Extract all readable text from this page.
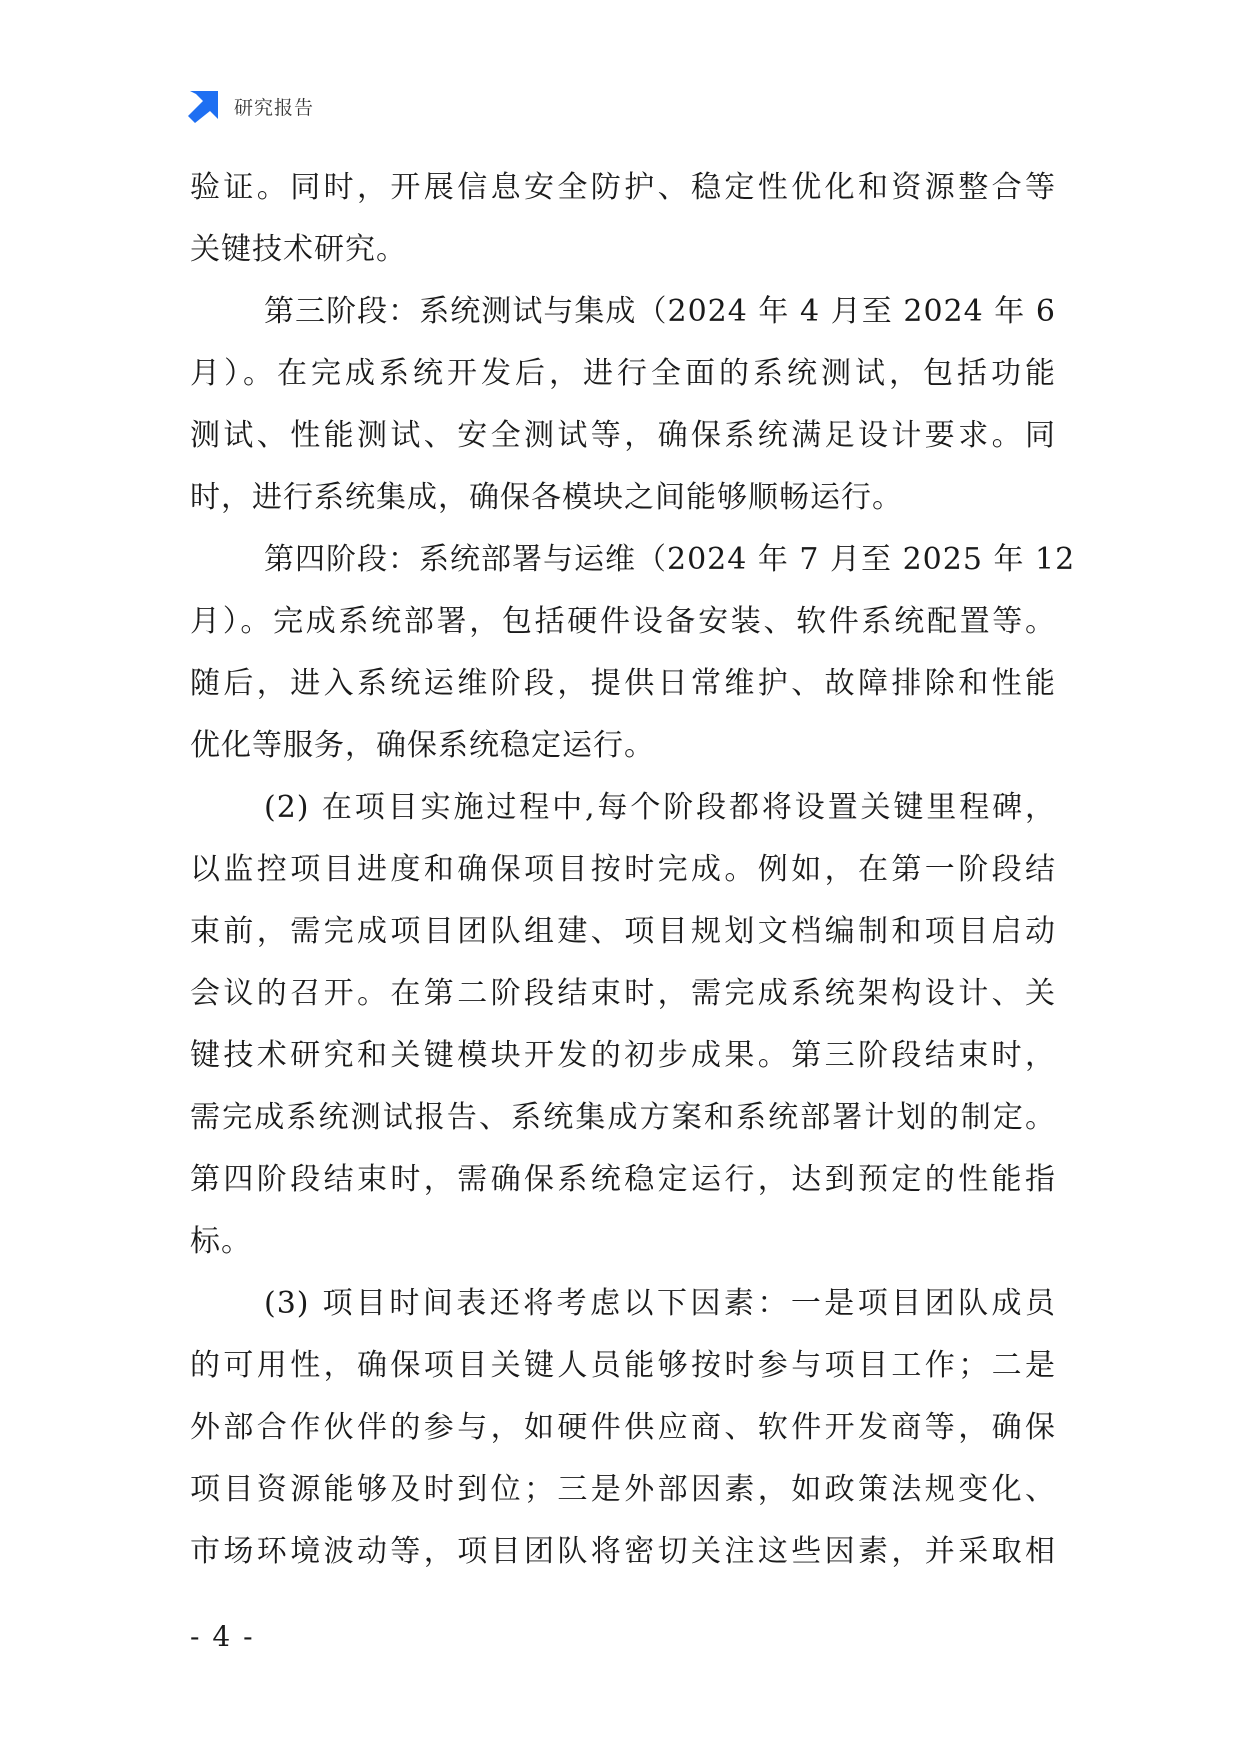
研究报告
验证。同时，开展信息安全防护、稳定性优化和资源整合等
关键技术研究。
第三阶段：系统测试与集成（2024 年 4 月至 2024 年 6
月）。在完成系统开发后，进行全面的系统测试，包括功能
测试、性能测试、安全测试等，确保系统满足设计要求。同
时，进行系统集成，确保各模块之间能够顺畅运行。
第四阶段：系统部署与运维（2024 年 7 月至 2025 年 12
月）。完成系统部署，包括硬件设备安装、软件系统配置等。
随后，进入系统运维阶段，提供日常维护、故障排除和性能
优化等服务，确保系统稳定运行。
(2) 在项目实施过程中,每个阶段都将设置关键里程碑，
以监控项目进度和确保项目按时完成。例如，在第一阶段结
束前，需完成项目团队组建、项目规划文档编制和项目启动
会议的召开。在第二阶段结束时，需完成系统架构设计、关
键技术研究和关键模块开发的初步成果。第三阶段结束时，
需完成系统测试报告、系统集成方案和系统部署计划的制定。
第四阶段结束时，需确保系统稳定运行，达到预定的性能指
标。
(3) 项目时间表还将考虑以下因素：一是项目团队成员
的可用性，确保项目关键人员能够按时参与项目工作；二是
外部合作伙伴的参与，如硬件供应商、软件开发商等，确保
项目资源能够及时到位；三是外部因素，如政策法规变化、
市场环境波动等，项目团队将密切关注这些因素，并采取相
- 4 -
